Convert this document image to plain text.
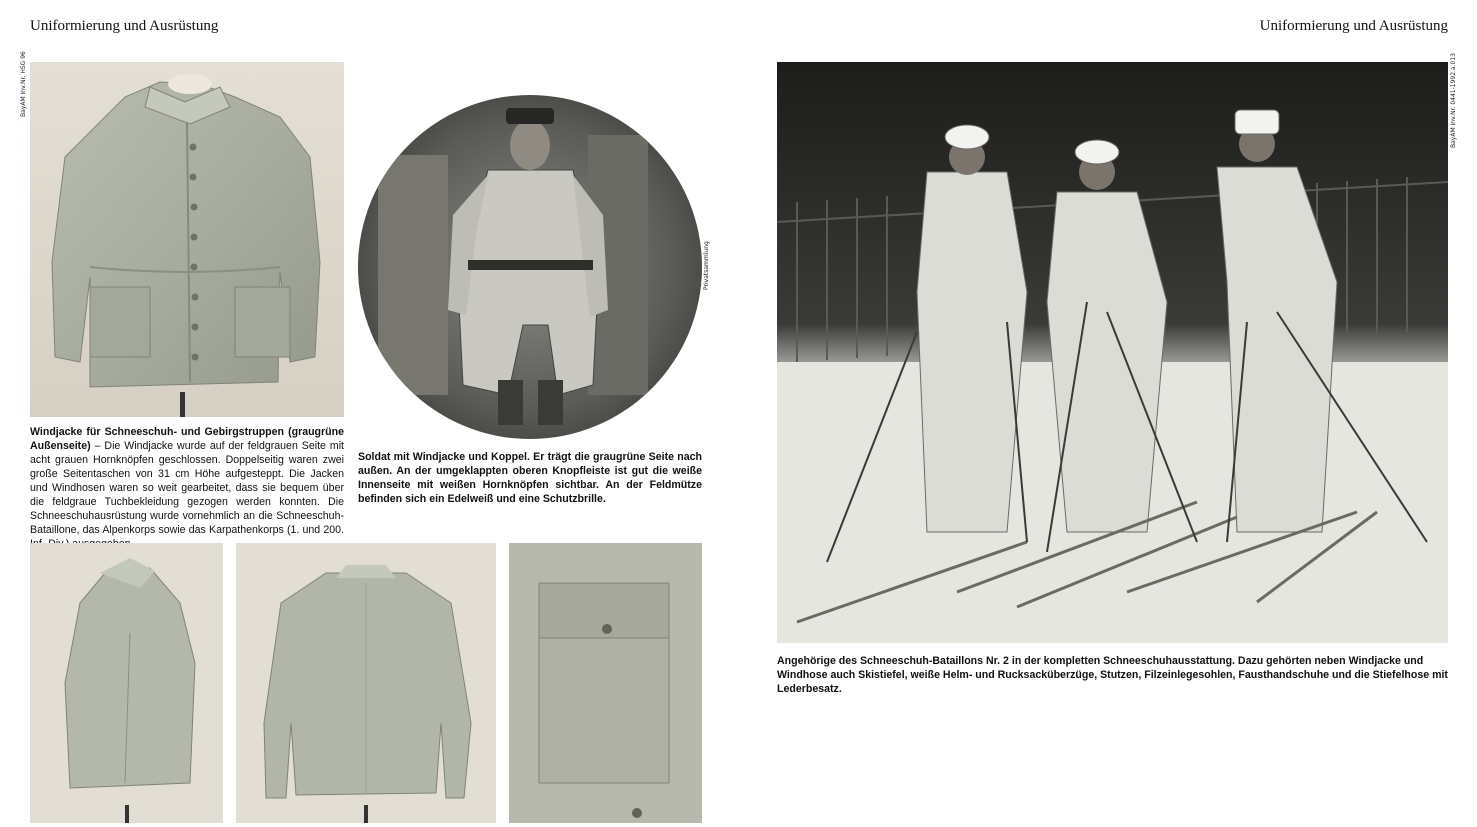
Uniformierung und Ausrüstung	Uniformierung und Ausrüstung
BayAM Inv.Nr. HSG 96
Privatsammlung
Windjacke für Schneeschuh- und Gebirgstruppen (graugrüne Außenseite) – Die Windjacke wurde auf der feldgrauen Seite mit acht grauen Hornknöpfen geschlossen. Doppelseitig waren zwei große Seitentaschen von 31 cm Höhe aufgesteppt. Die Jacken und Windhosen waren so weit gearbeitet, dass sie bequem über die feldgraue Tuchbekleidung gezogen werden konnten. Die Schneeschuhausrüstung wurde vornehmlich an die Schneeschuh-Bataillone, das Alpenkorps sowie das Karpathenkorps (1. und 200.
Soldat mit Windjacke und Koppel. Er trägt die graugrüne Seite nach außen. An der umgeklappten oberen Knopfleiste ist gut die weiße Innenseite mit weißen Hornknöpfen sichtbar. An der Feldmütze befinden sich ein Edelweiß und eine Schutzbrille.
BayAM Inv.Nr. 0441-1992.a.013
Angehörige des Schneeschuh-Bataillons Nr. 2 in der kompletten Schneeschuhausstattung. Dazu gehörten neben Windjacke und Windhose auch Skistiefel, weiße Helm- und Rucksacküberzüge, Stutzen, Filzeinlegesohlen, Fausthandschuhe und die Stiefelhose mit Lederbesatz.
